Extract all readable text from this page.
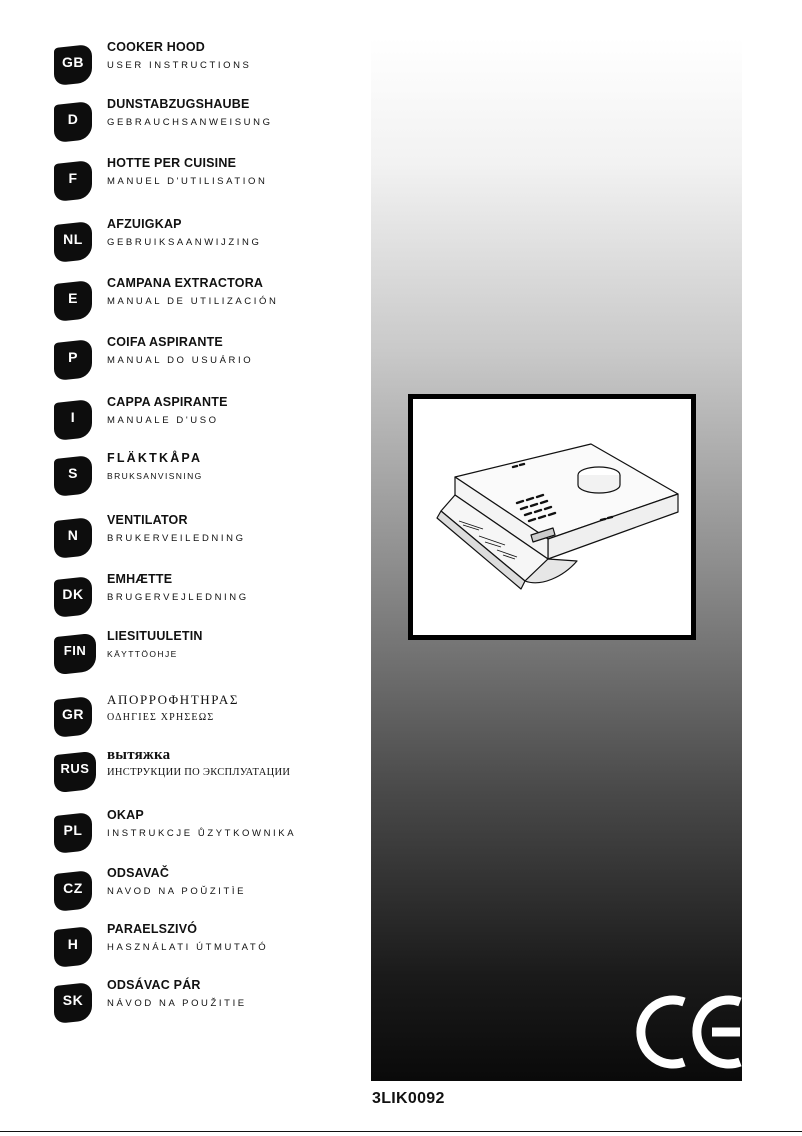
GB
COOKER HOOD
USER INSTRUCTIONS
D
DUNSTABZUGSHAUBE
GEBRAUCHSANWEISUNG
F
HOTTE PER CUISINE
MANUEL D'UTILISATION
NL
AFZUIGKAP
GEBRUIKSAANWIJZING
E
CAMPANA EXTRACTORA
MANUAL DE UTILIZACIÓN
P
COIFA ASPIRANTE
MANUAL DO USUÁRIO
I
CAPPA ASPIRANTE
MANUALE D'USO
S
FLÄKTKÅPA
BRUKSANVISNING
N
VENTILATOR
BRUKERVEILEDNING
DK
EMHÆTTE
BRUGERVEJLEDNING
FIN
LIESITUULETIN
KÄYTTÖOHJE
GR
ΑΠΟΡΡΟΦΗΤΗΡΑΣ
ΟΔΗΓΙΕΣ ΧΡΗΣΕΩΣ
RUS
вытяжка
ИНСТРУКЦИИ ПО ЭКСПЛУАТАЦИИ
PL
OKAP
INSTRUKCJE ŮZYTKOWNIKA
CZ
ODSAVAČ
NAVOD NA POǓZITÌE
H
PARAELSZIVÓ
HASZNÁLATI ÚTMUTATÓ
SK
ODSÁVAC PÁR
NÁVOD NA POUŽITIE
3LIK0092
